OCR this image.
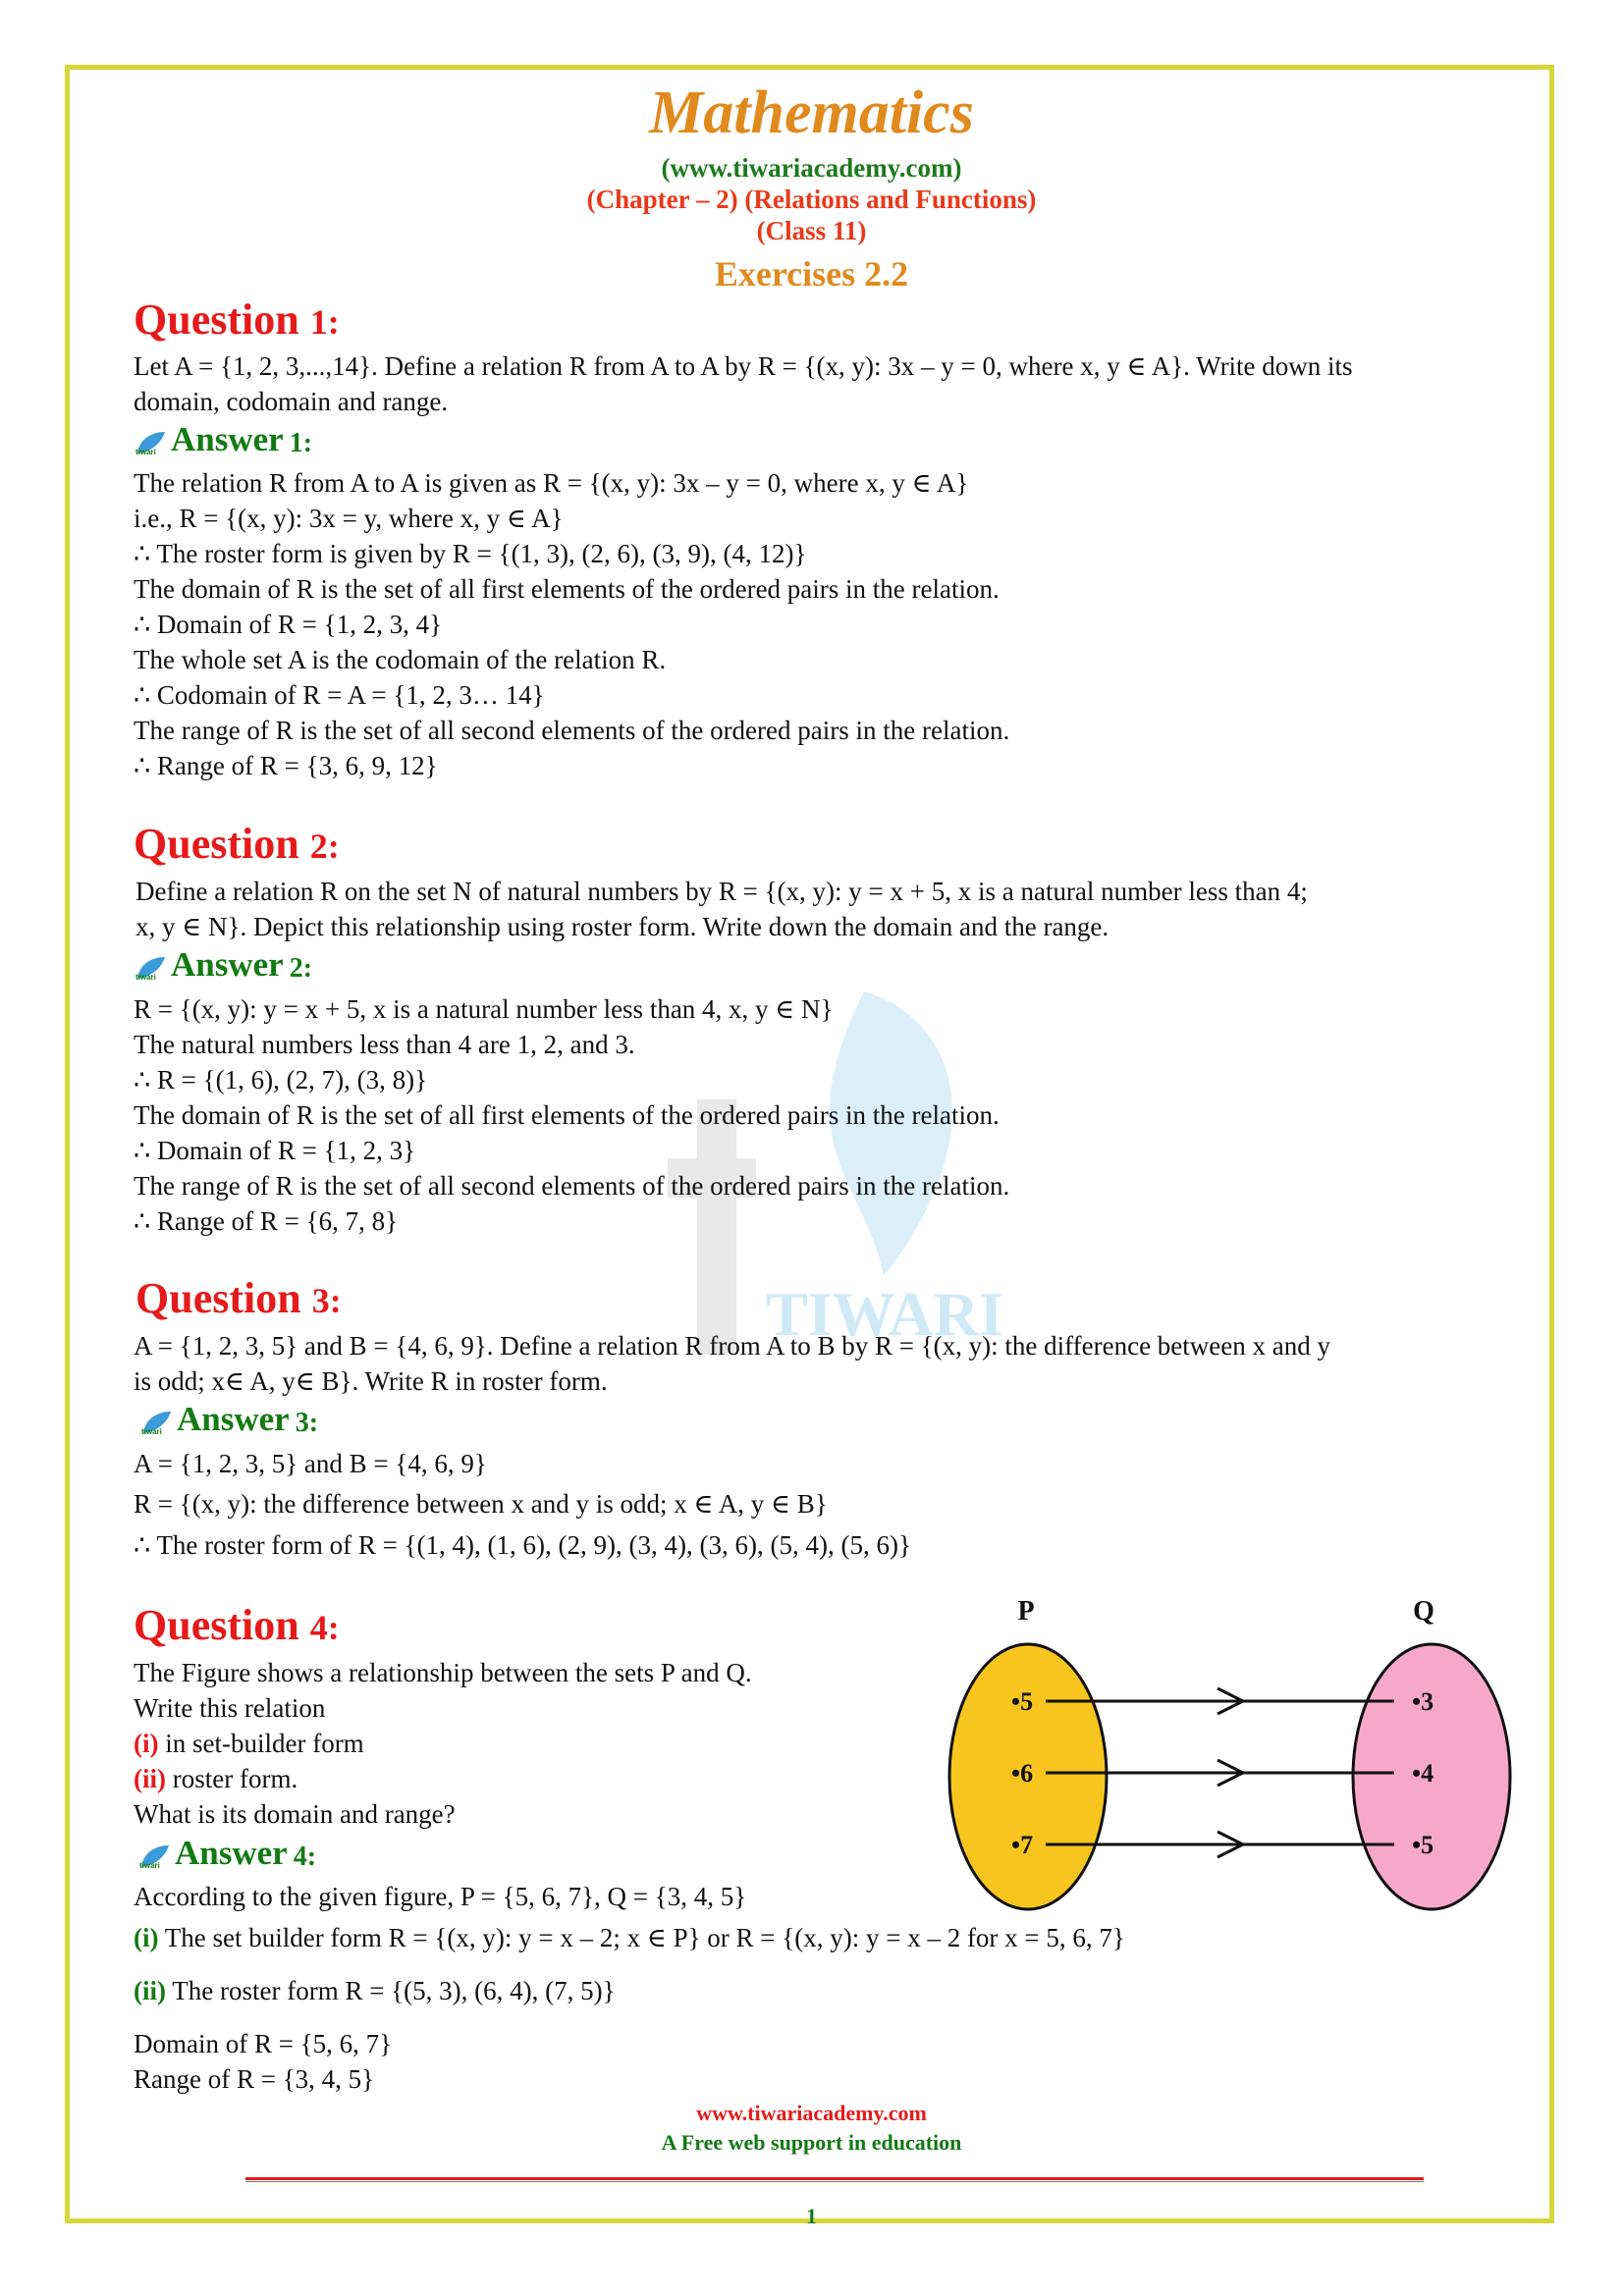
TIWARI
Mathematics
(www.tiwariacademy.com)
(Chapter – 2) (Relations and Functions)
(Class 11)
Exercises 2.2
Question 1:
Let A = {1, 2, 3,...,14}. Define a relation R from A to A by R = {(x, y): 3x – y = 0, where x, y ∈ A}. Write down its
domain, codomain and range.
tiwari Answer 1:
The relation R from A to A is given as R = {(x, y): 3x – y = 0, where x, y ∈ A}
i.e., R = {(x, y): 3x = y, where x, y ∈ A}
∴ The roster form is given by R = {(1, 3), (2, 6), (3, 9), (4, 12)}
The domain of R is the set of all first elements of the ordered pairs in the relation.
∴ Domain of R = {1, 2, 3, 4}
The whole set A is the codomain of the relation R.
∴ Codomain of R = A = {1, 2, 3… 14}
The range of R is the set of all second elements of the ordered pairs in the relation.
∴ Range of R = {3, 6, 9, 12}
Question 2:
Define a relation R on the set N of natural numbers by R = {(x, y): y = x + 5, x is a natural number less than 4;
x, y ∈ N}. Depict this relationship using roster form. Write down the domain and the range.
tiwari Answer 2:
R = {(x, y): y = x + 5, x is a natural number less than 4, x, y ∈ N}
The natural numbers less than 4 are 1, 2, and 3.
∴ R = {(1, 6), (2, 7), (3, 8)}
The domain of R is the set of all first elements of the ordered pairs in the relation.
∴ Domain of R = {1, 2, 3}
The range of R is the set of all second elements of the ordered pairs in the relation.
∴ Range of R = {6, 7, 8}
Question 3:
A = {1, 2, 3, 5} and B = {4, 6, 9}. Define a relation R from A to B by R = {(x, y): the difference between x and y
is odd; x∈ A, y∈ B}. Write R in roster form.
tiwari Answer 3:
A = {1, 2, 3, 5} and B = {4, 6, 9}
R = {(x, y): the difference between x and y is odd; x ∈ A, y ∈ B}
∴ The roster form of R = {(1, 4), (1, 6), (2, 9), (3, 4), (3, 6), (5, 4), (5, 6)}
Question 4:
The Figure shows a relationship between the sets P and Q.
Write this relation
(i) in set-builder form
(ii) roster form.
What is its domain and range?
tiwari Answer 4:
According to the given figure, P = {5, 6, 7}, Q = {3, 4, 5}
(i) The set builder form R = {(x, y): y = x – 2; x ∈ P} or R = {(x, y): y = x – 2 for x = 5, 6, 7}
(ii) The roster form R = {(5, 3), (6, 4), (7, 5)}
Domain of R = {5, 6, 7}
Range of R = {3, 4, 5}
P	Q
•5
•6
•7
•3
•4
•5
www.tiwariacademy.com
A Free web support in education
1
